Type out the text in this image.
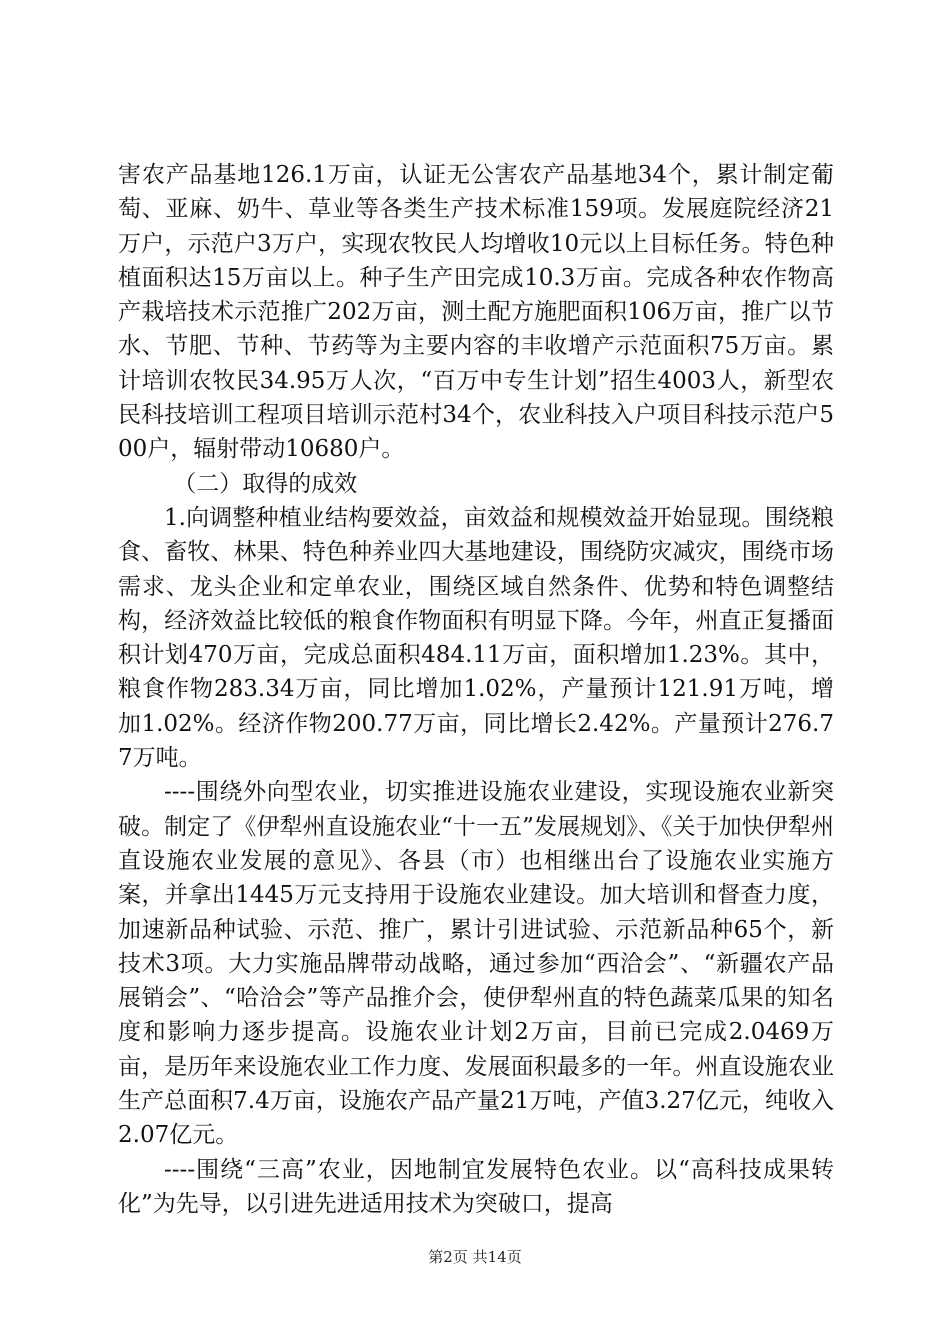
害农产品基地126.1万亩，认证无公害农产品基地34个，累计制定葡萄、亚麻、奶牛、草业等各类生产技术标准159项。发展庭院经济21万户，示范户3万户，实现农牧民人均增收10元以上目标任务。特色种植面积达15万亩以上。种子生产田完成10.3万亩。完成各种农作物高产栽培技术示范推广202万亩，测土配方施肥面积106万亩，推广以节水、节肥、节种、节药等为主要内容的丰收增产示范面积75万亩。累计培训农牧民34.95万人次，“百万中专生计划”招生4003人，新型农民科技培训工程项目培训示范村34个，农业科技入户项目科技示范户500户，辐射带动10680户。

（二）取得的成效

1.向调整种植业结构要效益，亩效益和规模效益开始显现。围绕粮食、畜牧、林果、特色种养业四大基地建设，围绕防灾减灾，围绕市场需求、龙头企业和定单农业，围绕区域自然条件、优势和特色调整结构，经济效益比较低的粮食作物面积有明显下降。今年，州直正复播面积计划470万亩，完成总面积484.11万亩，面积增加1.23%。其中，粮食作物283.34万亩，同比增加1.02%，产量预计121.91万吨，增加1.02%。经济作物200.77万亩，同比增长2.42%。产量预计276.77万吨。

----围绕外向型农业，切实推进设施农业建设，实现设施农业新突破。制定了《伊犁州直设施农业“十一五”发展规划》、《关于加快伊犁州直设施农业发展的意见》、各县（市）也相继出台了设施农业实施方案，并拿出1445万元支持用于设施农业建设。加大培训和督查力度，加速新品种试验、示范、推广，累计引进试验、示范新品种65个，新技术3项。大力实施品牌带动战略，通过参加“西洽会”、“新疆农产品展销会”、“哈洽会”等产品推介会，使伊犁州直的特色蔬菜瓜果的知名度和影响力逐步提高。设施农业计划2万亩，目前已完成2.0469万亩，是历年来设施农业工作力度、发展面积最多的一年。州直设施农业生产总面积7.4万亩，设施农产品产量21万吨，产值3.27亿元，纯收入2.07亿元。

----围绕“三高”农业，因地制宜发展特色农业。以“高科技成果转化”为先导，以引进先进适用技术为突破口，提高

第2页 共14页
